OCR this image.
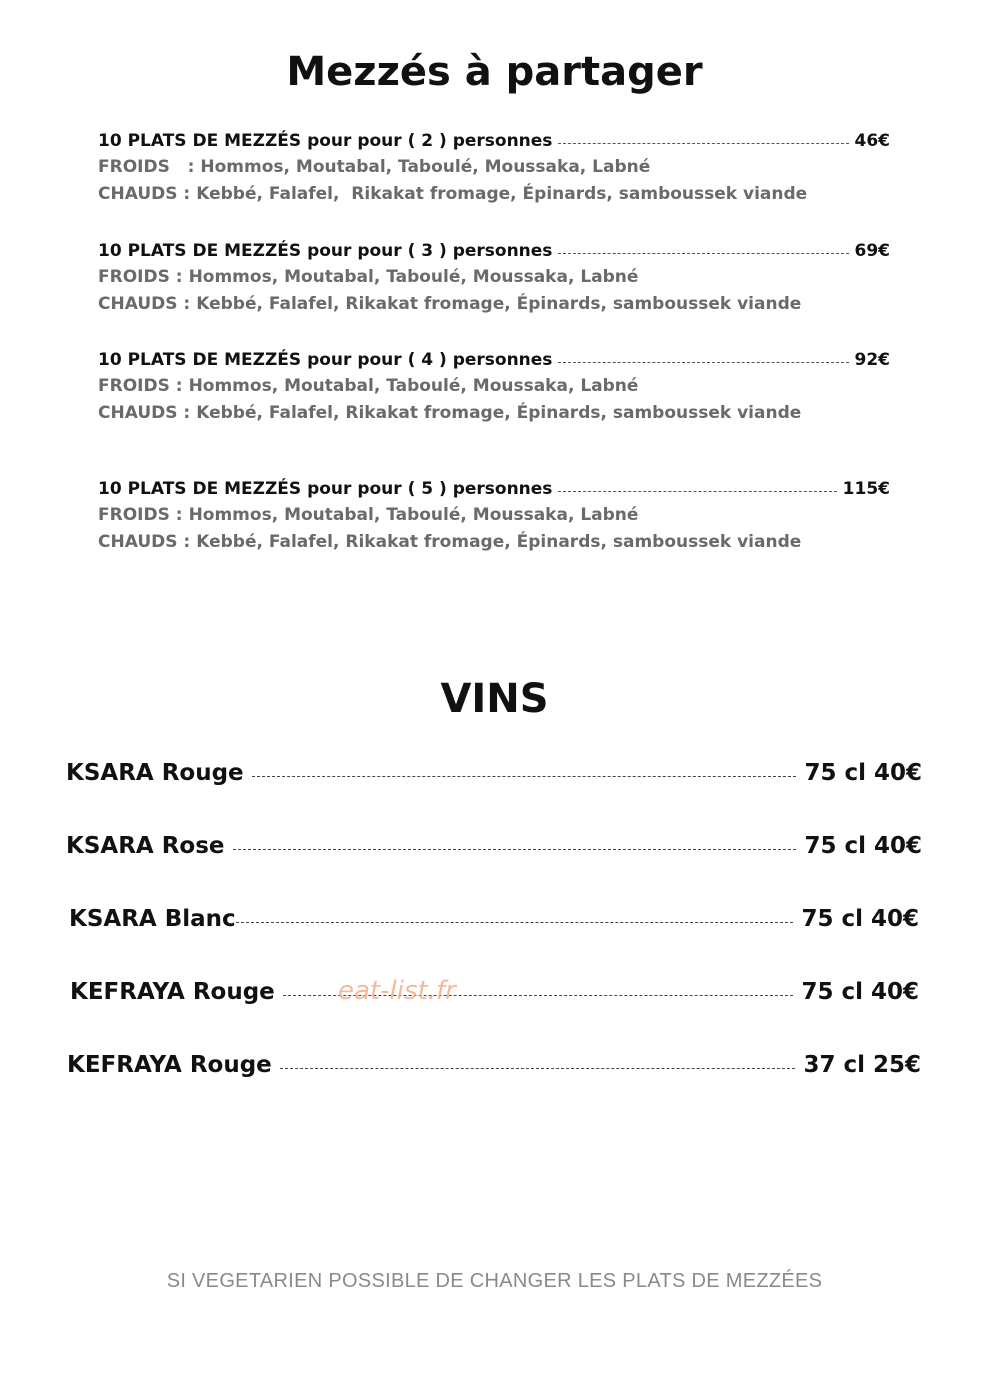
Mezzés à partager
10 PLATS DE MEZZÉS pour pour ( 2 ) personnes	46€
FROIDS   : Hommos, Moutabal, Taboulé, Moussaka, Labné
CHAUDS : Kebbé, Falafel,  Rikakat fromage, Épinards, samboussek viande
10 PLATS DE MEZZÉS pour pour ( 3 ) personnes	69€
FROIDS : Hommos, Moutabal, Taboulé, Moussaka, Labné
CHAUDS : Kebbé, Falafel, Rikakat fromage, Épinards, samboussek viande
10 PLATS DE MEZZÉS pour pour ( 4 ) personnes	92€
FROIDS : Hommos, Moutabal, Taboulé, Moussaka, Labné
CHAUDS : Kebbé, Falafel, Rikakat fromage, Épinards, samboussek viande
10 PLATS DE MEZZÉS pour pour ( 5 ) personnes	115€
FROIDS : Hommos, Moutabal, Taboulé, Moussaka, Labné
CHAUDS : Kebbé, Falafel, Rikakat fromage, Épinards, samboussek viande
VINS
KSARA Rouge	75 cl 40€
KSARA Rose	75 cl 40€
KSARA Blanc	75 cl 40€
KEFRAYA Rouge	75 cl 40€
KEFRAYA Rouge	37 cl 25€
eat-list.fr

SI VEGETARIEN POSSIBLE DE CHANGER LES PLATS DE MEZZÉES
